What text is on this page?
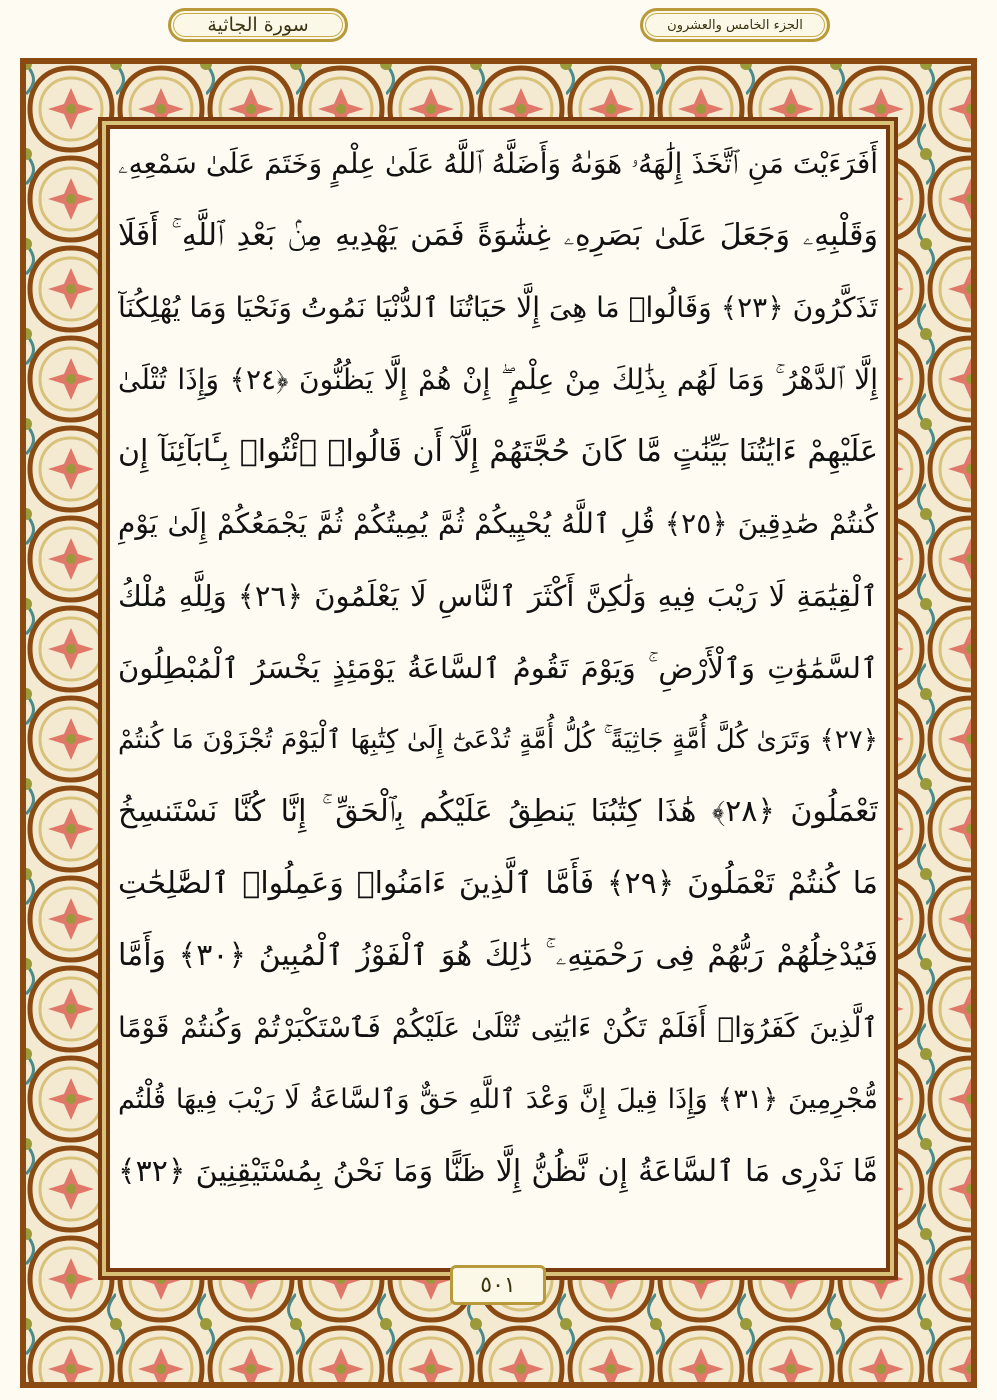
سورة الجاثية	الجزء الخامس والعشرون
أَفَرَءَيْتَ مَنِ ٱتَّخَذَ إِلَٰهَهُۥ هَوَىٰهُ وَأَضَلَّهُ ٱللَّهُ عَلَىٰ عِلْمٍ وَخَتَمَ عَلَىٰ سَمْعِهِۦ
وَقَلْبِهِۦ وَجَعَلَ عَلَىٰ بَصَرِهِۦ غِشَٰوَةً فَمَن يَهْدِيهِ مِنۢ بَعْدِ ٱللَّهِ ۚ أَفَلَا
تَذَكَّرُونَ ﴿٢٣﴾ وَقَالُوا۟ مَا هِىَ إِلَّا حَيَاتُنَا ٱلدُّنْيَا نَمُوتُ وَنَحْيَا وَمَا يُهْلِكُنَآ
إِلَّا ٱلدَّهْرُ ۚ وَمَا لَهُم بِذَٰلِكَ مِنْ عِلْمٍ ۖ إِنْ هُمْ إِلَّا يَظُنُّونَ ﴿٢٤﴾ وَإِذَا تُتْلَىٰ
عَلَيْهِمْ ءَايَٰتُنَا بَيِّنَٰتٍ مَّا كَانَ حُجَّتَهُمْ إِلَّآ أَن قَالُوا۟ ٱئْتُوا۟ بِـَٔابَآئِنَآ إِن
كُنتُمْ صَٰدِقِينَ ﴿٢٥﴾ قُلِ ٱللَّهُ يُحْيِيكُمْ ثُمَّ يُمِيتُكُمْ ثُمَّ يَجْمَعُكُمْ إِلَىٰ يَوْمِ
ٱلْقِيَٰمَةِ لَا رَيْبَ فِيهِ وَلَٰكِنَّ أَكْثَرَ ٱلنَّاسِ لَا يَعْلَمُونَ ﴿٢٦﴾ وَلِلَّهِ مُلْكُ
ٱلسَّمَٰوَٰتِ وَٱلْأَرْضِ ۚ وَيَوْمَ تَقُومُ ٱلسَّاعَةُ يَوْمَئِذٍ يَخْسَرُ ٱلْمُبْطِلُونَ
﴿٢٧﴾ وَتَرَىٰ كُلَّ أُمَّةٍ جَاثِيَةً ۚ كُلُّ أُمَّةٍ تُدْعَىٰٓ إِلَىٰ كِتَٰبِهَا ٱلْيَوْمَ تُجْزَوْنَ مَا كُنتُمْ
تَعْمَلُونَ ﴿٢٨﴾ هَٰذَا كِتَٰبُنَا يَنطِقُ عَلَيْكُم بِٱلْحَقِّ ۚ إِنَّا كُنَّا نَسْتَنسِخُ
مَا كُنتُمْ تَعْمَلُونَ ﴿٢٩﴾ فَأَمَّا ٱلَّذِينَ ءَامَنُوا۟ وَعَمِلُوا۟ ٱلصَّٰلِحَٰتِ
فَيُدْخِلُهُمْ رَبُّهُمْ فِى رَحْمَتِهِۦ ۚ ذَٰلِكَ هُوَ ٱلْفَوْزُ ٱلْمُبِينُ ﴿٣٠﴾ وَأَمَّا
ٱلَّذِينَ كَفَرُوٓا۟ أَفَلَمْ تَكُنْ ءَايَٰتِى تُتْلَىٰ عَلَيْكُمْ فَٱسْتَكْبَرْتُمْ وَكُنتُمْ قَوْمًا
مُّجْرِمِينَ ﴿٣١﴾ وَإِذَا قِيلَ إِنَّ وَعْدَ ٱللَّهِ حَقٌّ وَٱلسَّاعَةُ لَا رَيْبَ فِيهَا قُلْتُم
مَّا نَدْرِى مَا ٱلسَّاعَةُ إِن نَّظُنُّ إِلَّا ظَنًّا وَمَا نَحْنُ بِمُسْتَيْقِنِينَ ﴿٣٢﴾
٥٠١
